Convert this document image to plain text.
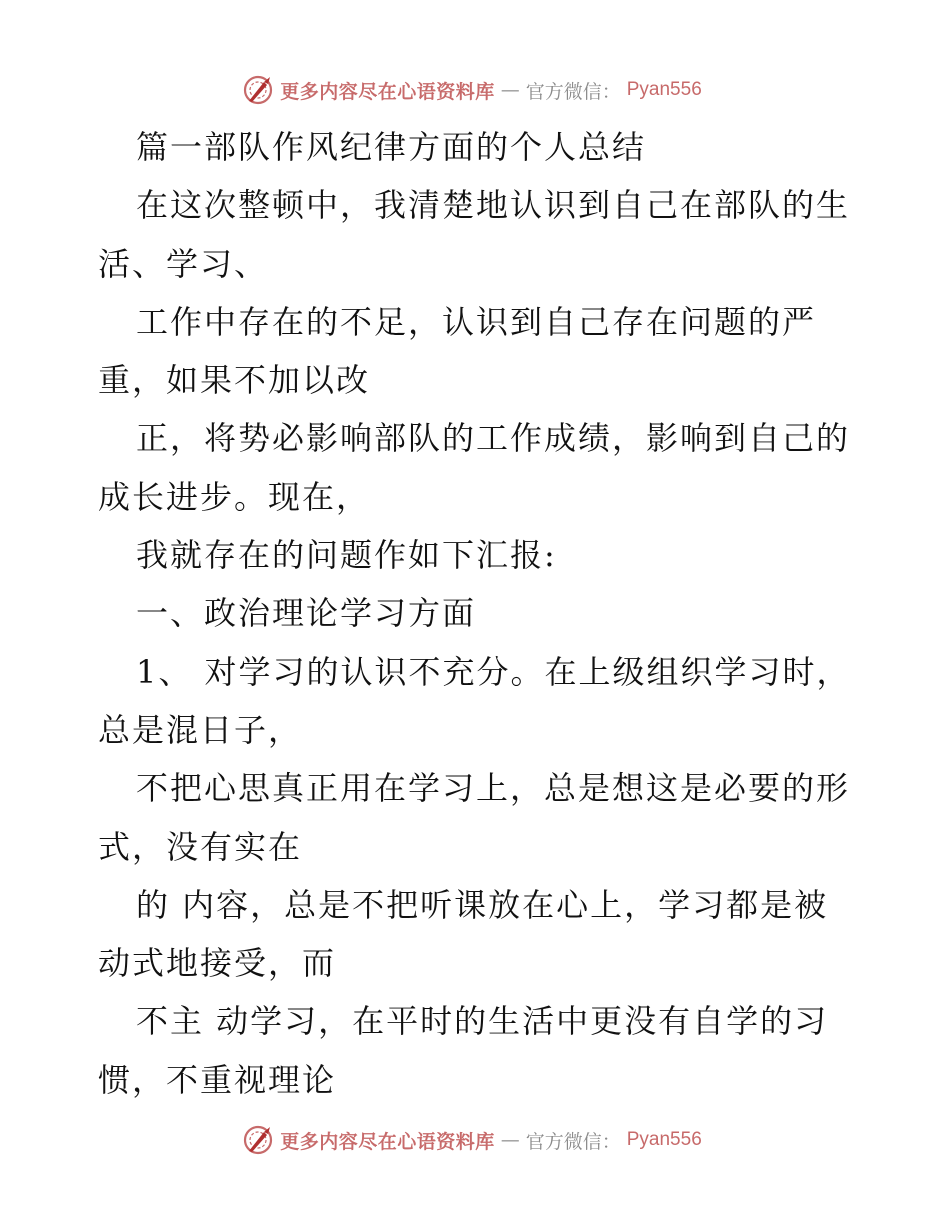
更多内容尽在心语资料库 — 官方微信： Pyan556
篇一部队作风纪律方面的个人总结
在这次整顿中，我清楚地认识到自己在部队的生
活、学习、
工作中存在的不足，认识到自己存在问题的严
重，如果不加以改
正，将势必影响部队的工作成绩，影响到自己的
成长进步。现在，
我就存在的问题作如下汇报:
一、政治理论学习方面
1、 对学习的认识不充分。在上级组织学习时，
总是混日子，
不把心思真正用在学习上，总是想这是必要的形
式，没有实在
的 内容，总是不把听课放在心上，学习都是被
动式地接受，而
不主 动学习，在平时的生活中更没有自学的习
惯，不重视理论
更多内容尽在心语资料库 — 官方微信： Pyan556
